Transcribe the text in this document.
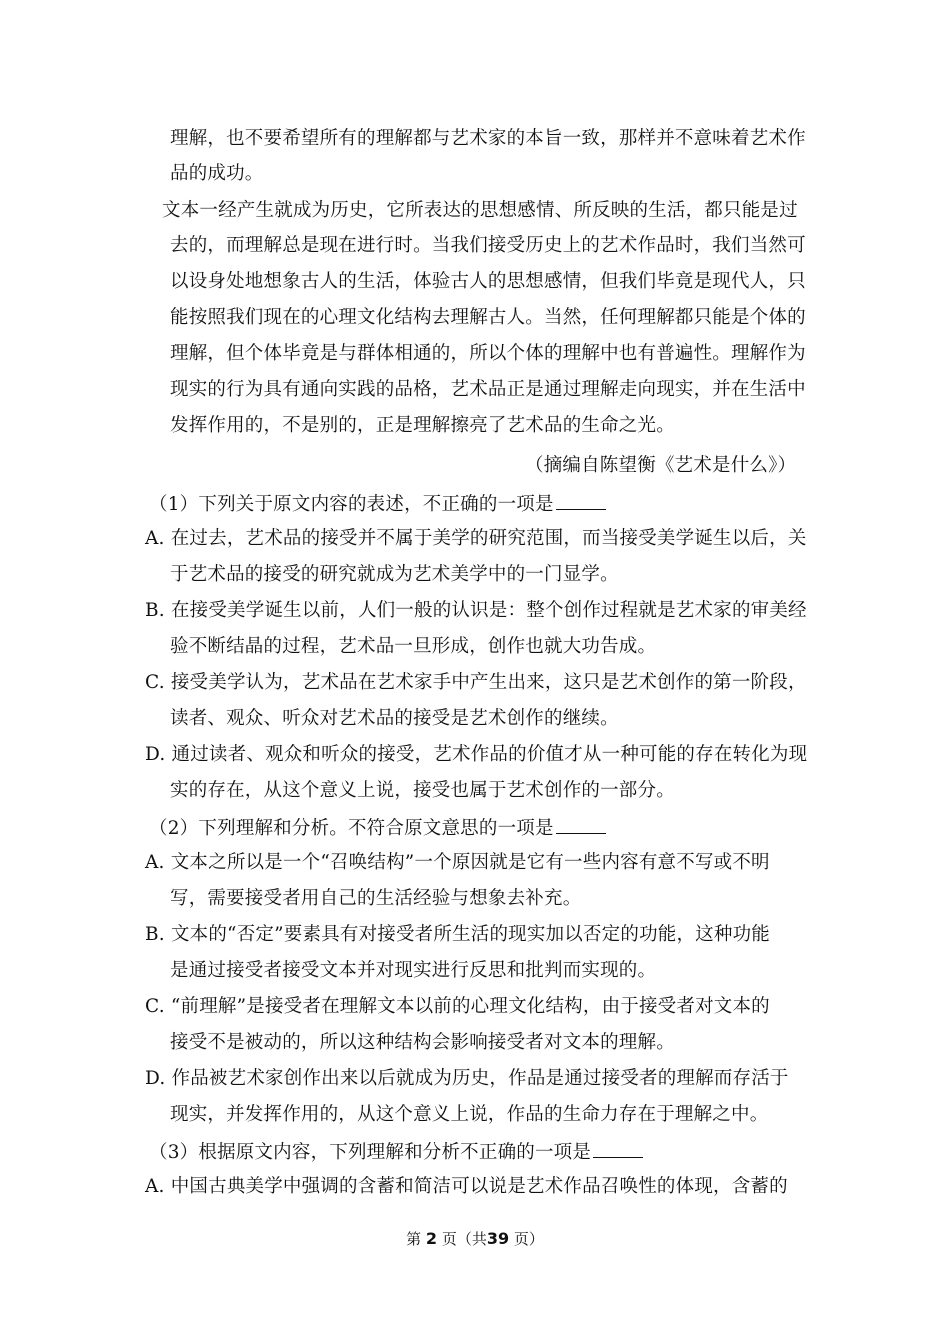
理解，也不要希望所有的理解都与艺术家的本旨一致，那样并不意味着艺术作
品的成功。
文本一经产生就成为历史，它所表达的思想感情、所反映的生活，都只能是过
去的，而理解总是现在进行时。当我们接受历史上的艺术作品时，我们当然可
以设身处地想象古人的生活，体验古人的思想感情，但我们毕竟是现代人，只
能按照我们现在的心理文化结构去理解古人。当然，任何理解都只能是个体的
理解，但个体毕竟是与群体相通的，所以个体的理解中也有普遍性。理解作为
现实的行为具有通向实践的品格，艺术品正是通过理解走向现实，并在生活中
发挥作用的，不是别的，正是理解擦亮了艺术品的生命之光。
（摘编自陈望衡《艺术是什么》）
（1）下列关于原文内容的表述，不正确的一项是
A. 在过去，艺术品的接受并不属于美学的研究范围，而当接受美学诞生以后，关
于艺术品的接受的研究就成为艺术美学中的一门显学。
B. 在接受美学诞生以前，人们一般的认识是：整个创作过程就是艺术家的审美经
验不断结晶的过程，艺术品一旦形成，创作也就大功告成。
C. 接受美学认为，艺术品在艺术家手中产生出来，这只是艺术创作的第一阶段，
读者、观众、听众对艺术品的接受是艺术创作的继续。
D. 通过读者、观众和听众的接受，艺术作品的价值才从一种可能的存在转化为现
实的存在，从这个意义上说，接受也属于艺术创作的一部分。
（2）下列理解和分析。不符合原文意思的一项是
A. 文本之所以是一个“召唤结构”一个原因就是它有一些内容有意不写或不明
写，需要接受者用自己的生活经验与想象去补充。
B. 文本的“否定”要素具有对接受者所生活的现实加以否定的功能，这种功能
是通过接受者接受文本并对现实进行反思和批判而实现的。
C. “前理解”是接受者在理解文本以前的心理文化结构，由于接受者对文本的
接受不是被动的，所以这种结构会影响接受者对文本的理解。
D. 作品被艺术家创作出来以后就成为历史，作品是通过接受者的理解而存活于
现实，并发挥作用的，从这个意义上说，作品的生命力存在于理解之中。
（3）根据原文内容，下列理解和分析不正确的一项是
A. 中国古典美学中强调的含蓄和简洁可以说是艺术作品召唤性的体现，含蓄的
第 2 页（共39 页）
